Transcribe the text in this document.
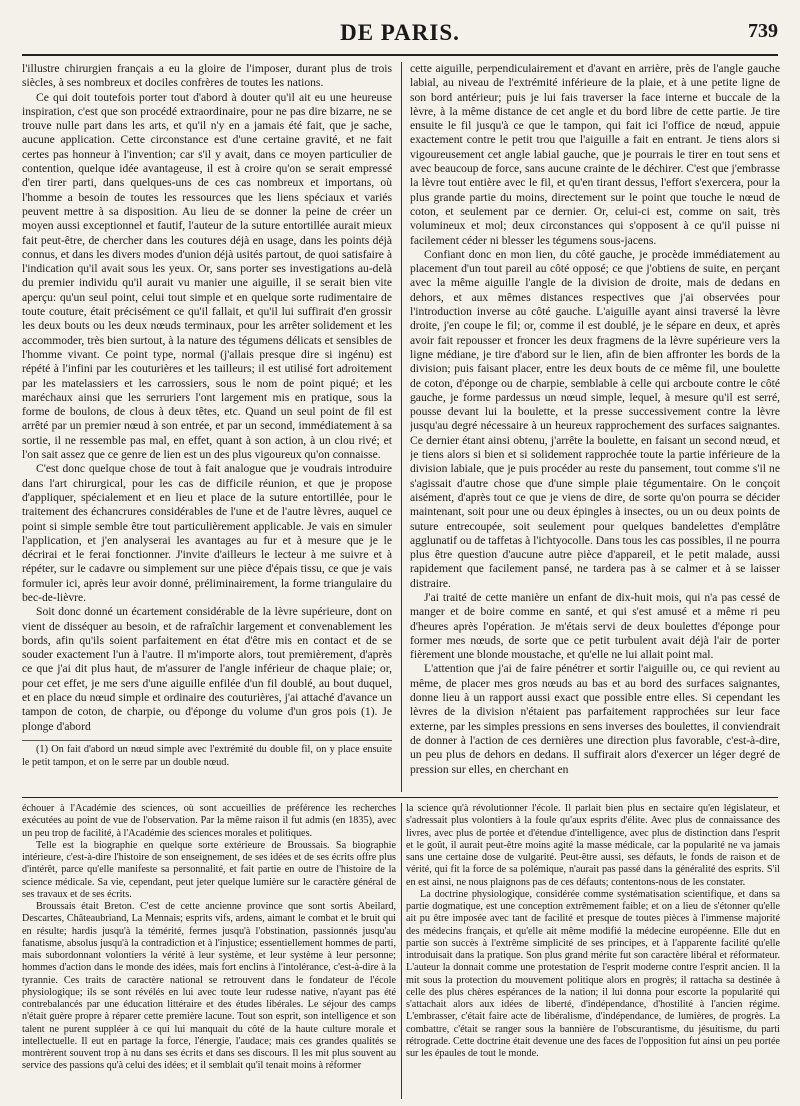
DE PARIS.	739

l'illustre chirurgien français a eu la gloire de l'imposer, durant plus de trois siècles, à ses nombreux et dociles confrères de toutes les nations.

Ce qui doit toutefois porter tout d'abord à douter qu'il ait eu une heureuse inspiration, c'est que son procédé extraordinaire, pour ne pas dire bizarre, ne se trouve nulle part dans les arts, et qu'il n'y en a jamais été fait, que je sache, aucune application. Cette circonstance est d'une certaine gravité, et ne fait certes pas honneur à l'invention; car s'il y avait, dans ce moyen particulier de contention, quelque idée avantageuse, il est à croire qu'on se serait empressé d'en tirer parti, dans quelques-uns de ces cas nombreux et importans, où l'homme a besoin de toutes les ressources que les liens spéciaux et variés peuvent mettre à sa disposition. Au lieu de se donner la peine de créer un moyen aussi exceptionnel et fautif, l'auteur de la suture entortillée aurait mieux fait peut-être, de chercher dans les coutures déjà en usage, dans les points déjà connus, et dans les divers modes d'union déjà usités partout, de quoi satisfaire à l'indication qu'il avait sous les yeux. Or, sans porter ses investigations au-delà du premier individu qu'il aurait vu manier une aiguille, il se serait bien vite aperçu: qu'un seul point, celui tout simple et en quelque sorte rudimentaire de toute couture, était précisément ce qu'il fallait, et qu'il lui suffirait d'en grossir les deux bouts ou les deux nœuds terminaux, pour les arrêter solidement et les accommoder, très bien surtout, à la nature des tégumens délicats et sensibles de l'homme vivant. Ce point type, normal (j'allais presque dire si ingénu) est répété à l'infini par les couturières et les tailleurs; il est utilisé fort adroitement par les matelassiers et les carrossiers, sous le nom de point piqué; et les maréchaux ainsi que les serruriers l'ont largement mis en pratique, sous la forme de boulons, de clous à deux têtes, etc. Quand un seul point de fil est arrêté par un premier nœud à son entrée, et par un second, immédiatement à sa sortie, il ne ressemble pas mal, en effet, quant à son action, à un clou rivé; et l'on sait assez que ce genre de lien est un des plus vigoureux qu'on connaisse.

C'est donc quelque chose de tout à fait analogue que je voudrais introduire dans l'art chirurgical, pour les cas de difficile réunion, et que je propose d'appliquer, spécialement et en lieu et place de la suture entortillée, pour le traitement des échancrures considérables de l'une et de l'autre lèvres, auquel ce point si simple semble être tout particulièrement applicable. Je vais en simuler l'application, et j'en analyserai les avantages au fur et à mesure que je le décrirai et le ferai fonctionner. J'invite d'ailleurs le lecteur à me suivre et à répéter, sur le cadavre ou simplement sur une pièce d'épais tissu, ce que je vais formuler ici, après leur avoir donné, préliminairement, la forme triangulaire du bec-de-lièvre.

Soit donc donné un écartement considérable de la lèvre supérieure, dont on vient de disséquer au besoin, et de rafraîchir largement et convenablement les bords, afin qu'ils soient parfaitement en état d'être mis en contact et de se souder exactement l'un à l'autre. Il m'importe alors, tout premièrement, d'après ce que j'ai dit plus haut, de m'assurer de l'angle inférieur de chaque plaie; or, pour cet effet, je me sers d'une aiguille enfilée d'un fil doublé, au bout duquel, et en place du nœud simple et ordinaire des couturières, j'ai attaché d'avance un tampon de coton, de charpie, ou d'éponge du volume d'un gros pois (1). Je plonge d'abord

(1) On fait d'abord un nœud simple avec l'extrémité du double fil, on y place ensuite le petit tampon, et on le serre par un double nœud.

cette aiguille, perpendiculairement et d'avant en arrière, près de l'angle gauche labial, au niveau de l'extrémité inférieure de la plaie, et à une petite ligne de son bord antérieur; puis je lui fais traverser la face interne et buccale de la lèvre, à la même distance de cet angle et du bord libre de cette partie. Je tire ensuite le fil jusqu'à ce que le tampon, qui fait ici l'office de nœud, appuie exactement contre le petit trou que l'aiguille a fait en entrant. Je tiens alors si vigoureusement cet angle labial gauche, que je pourrais le tirer en tout sens et avec beaucoup de force, sans aucune crainte de le déchirer. C'est que j'embrasse la lèvre tout entière avec le fil, et qu'en tirant dessus, l'effort s'exercera, pour la plus grande partie du moins, directement sur le point que touche le nœud de coton, et seulement par ce dernier. Or, celui-ci est, comme on sait, très volumineux et mol; deux circonstances qui s'opposent à ce qu'il puisse ni facilement céder ni blesser les tégumens sous-jacens.

Confiant donc en mon lien, du côté gauche, je procède immédiatement au placement d'un tout pareil au côté opposé; ce que j'obtiens de suite, en perçant avec la même aiguille l'angle de la division de droite, mais de dedans en dehors, et aux mêmes distances respectives que j'ai observées pour l'introduction inverse au côté gauche. L'aiguille ayant ainsi traversé la lèvre droite, j'en coupe le fil; or, comme il est doublé, je le sépare en deux, et après avoir fait repousser et froncer les deux fragmens de la lèvre supérieure vers la ligne médiane, je tire d'abord sur le lien, afin de bien affronter les bords de la division; puis faisant placer, entre les deux bouts de ce même fil, une boulette de coton, d'éponge ou de charpie, semblable à celle qui arcboute contre le côté gauche, je forme pardessus un nœud simple, lequel, à mesure qu'il est serré, pousse devant lui la boulette, et la presse successivement contre la lèvre jusqu'au degré nécessaire à un heureux rapprochement des surfaces saignantes. Ce dernier étant ainsi obtenu, j'arrête la boulette, en faisant un second nœud, et je tiens alors si bien et si solidement rapprochée toute la partie inférieure de la division labiale, que je puis procéder au reste du pansement, tout comme s'il ne s'agissait d'autre chose que d'une simple plaie tégumentaire. On le conçoit aisément, d'après tout ce que je viens de dire, de sorte qu'on pourra se décider maintenant, soit pour une ou deux épingles à insectes, ou un ou deux points de suture entrecoupée, soit seulement pour quelques bandelettes d'emplâtre agglunatif ou de taffetas à l'ichtyocolle. Dans tous les cas possibles, il ne pourra plus être question d'aucune autre pièce d'appareil, et le petit malade, aussi rapidement que facilement pansé, ne tardera pas à se calmer et à se laisser distraire.

J'ai traité de cette manière un enfant de dix-huit mois, qui n'a pas cessé de manger et de boire comme en santé, et qui s'est amusé et a même ri peu d'heures après l'opération. Je m'étais servi de deux boulettes d'éponge pour former mes nœuds, de sorte que ce petit turbulent avait déjà l'air de porter fièrement une blonde moustache, et qu'elle ne lui allait point mal.

L'attention que j'ai de faire pénétrer et sortir l'aiguille ou, ce qui revient au même, de placer mes gros nœuds au bas et au bord des surfaces saignantes, donne lieu à un rapport aussi exact que possible entre elles. Si cependant les lèvres de la division n'étaient pas parfaitement rapprochées sur leur face externe, par les simples pressions en sens inverses des boulettes, il conviendrait de donner à l'action de ces dernières une direction plus favorable, c'est-à-dire, un peu plus de dehors en dedans. Il suffirait alors d'exercer un léger degré de pression sur elles, en cherchant en

échouer à l'Académie des sciences, où sont accueillies de préférence les recherches exécutées au point de vue de l'observation. Par la même raison il fut admis (en 1835), avec un peu trop de facilité, à l'Académie des sciences morales et politiques.

Telle est la biographie en quelque sorte extérieure de Broussais. Sa biographie intérieure, c'est-à-dire l'histoire de son enseignement, de ses idées et de ses écrits offre plus d'intérêt, parce qu'elle manifeste sa personnalité, et fait partie en outre de l'histoire de la science médicale. Sa vie, cependant, peut jeter quelque lumière sur le caractère général de ses travaux et de ses écrits.

Broussais était Breton. C'est de cette ancienne province que sont sortis Abeilard, Descartes, Châteaubriand, La Mennais; esprits vifs, ardens, aimant le combat et le bruit qui en résulte; hardis jusqu'à la témérité, fermes jusqu'à l'obstination, passionnés jusqu'au fanatisme, absolus jusqu'à la contradiction et à l'injustice; essentiellement hommes de parti, mais subordonnant volontiers la vérité à leur système, et leur système à leur personne; hommes d'action dans le monde des idées, mais fort enclins à l'intolérance, c'est-à-dire à la tyrannie. Ces traits de caractère national se retrouvent dans le fondateur de l'école physiologique; ils se sont révélés en lui avec toute leur rudesse native, n'ayant pas été contrebalancés par une éducation littéraire et des études libérales. Le séjour des camps n'était guère propre à réparer cette première lacune. Tout son esprit, son intelligence et son talent ne purent suppléer à ce qui lui manquait du côté de la haute culture morale et intellectuelle. Il eut en partage la force, l'énergie, l'audace; mais ces grandes qualités se montrèrent souvent trop à nu dans ses écrits et dans ses discours. Il les mit plus souvent au service des passions qu'à celui des idées; et il semblait qu'il tenait moins à réformer

la science qu'à révolutionner l'école. Il parlait bien plus en sectaire qu'en législateur, et s'adressait plus volontiers à la foule qu'aux esprits d'élite. Avec plus de connaissance des livres, avec plus de portée et d'étendue d'intelligence, avec plus de distinction dans l'esprit et le goût, il aurait peut-être moins agité la masse médicale, car la popularité ne va jamais sans une certaine dose de vulgarité. Peut-être aussi, ses défauts, le fonds de raison et de vérité, qui fit la force de sa polémique, n'aurait pas passé dans la généralité des esprits. S'il en est ainsi, ne nous plaignons pas de ces défauts; contentons-nous de les constater.

La doctrine physiologique, considérée comme systématisation scientifique, et dans sa partie dogmatique, est une conception extrêmement faible; et on a lieu de s'étonner qu'elle ait pu être imposée avec tant de facilité et presque de toutes pièces à l'immense majorité des médecins français, et qu'elle ait même modifié la médecine européenne. Elle dut en partie son succès à l'extrême simplicité de ses principes, et à l'apparente facilité qu'elle introduisait dans la pratique. Son plus grand mérite fut son caractère libéral et réformateur. L'auteur la donnait comme une protestation de l'esprit moderne contre l'esprit ancien. Il la mit sous la protection du mouvement politique alors en progrès; il rattacha sa destinée à celle des plus chères espérances de la nation; il lui donna pour escorte la popularité qui s'attachait alors aux idées de liberté, d'indépendance, d'hostilité à l'ancien régime. L'embrasser, c'était faire acte de libéralisme, d'indépendance, de lumières, de progrès. La combattre, c'était se ranger sous la bannière de l'obscurantisme, du jésuitisme, du parti rétrograde. Cette doctrine était devenue une des faces de l'opposition fut ainsi un peu portée sur les épaules de tout le monde.
